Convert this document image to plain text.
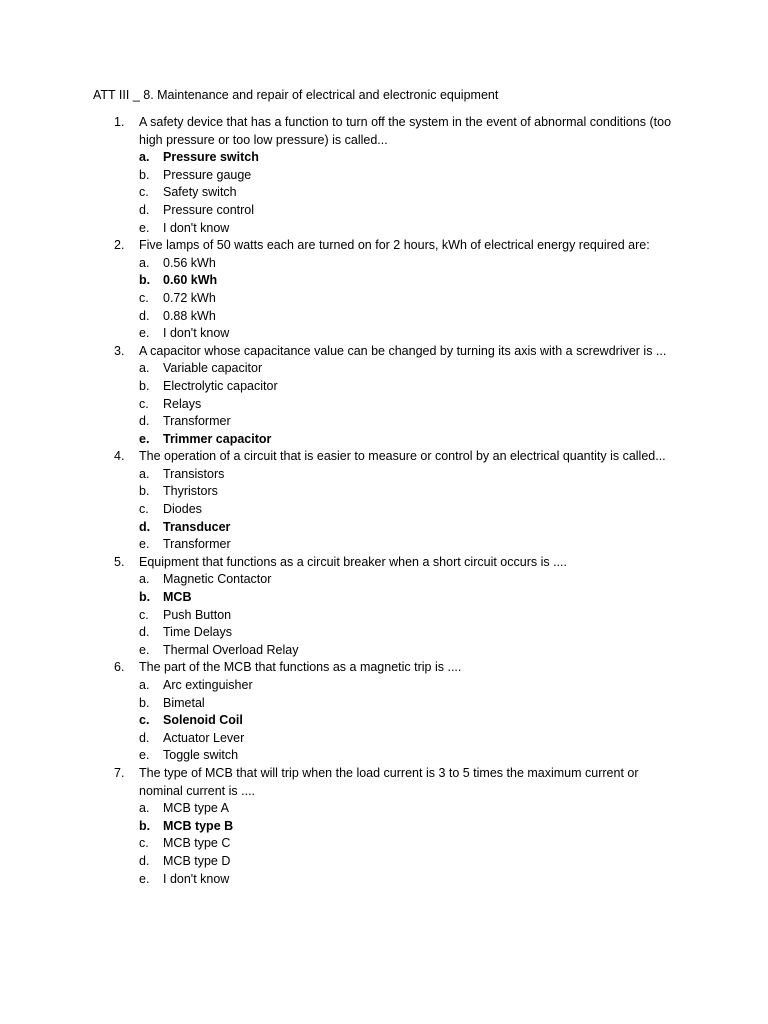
ATT III _ 8. Maintenance and repair of electrical and electronic equipment
1.	A safety device that has a function to turn off the system in the event of abnormal conditions (too high pressure or too low pressure) is called...
a. Pressure switch
b. Pressure gauge
c. Safety switch
d. Pressure control
e. I don't know
2.	Five lamps of 50 watts each are turned on for 2 hours, kWh of electrical energy required are:
a. 0.56 kWh
b. 0.60 kWh
c. 0.72 kWh
d. 0.88 kWh
e. I don't know
3.	A capacitor whose capacitance value can be changed by turning its axis with a screwdriver is ...
a. Variable capacitor
b. Electrolytic capacitor
c. Relays
d. Transformer
e. Trimmer capacitor
4.	The operation of a circuit that is easier to measure or control by an electrical quantity is called...
a. Transistors
b. Thyristors
c. Diodes
d. Transducer
e. Transformer
5.	Equipment that functions as a circuit breaker when a short circuit occurs is ....
a. Magnetic Contactor
b. MCB
c. Push Button
d. Time Delays
e. Thermal Overload Relay
6.	The part of the MCB that functions as a magnetic trip is ....
a. Arc extinguisher
b. Bimetal
c. Solenoid Coil
d. Actuator Lever
e. Toggle switch
7.	The type of MCB that will trip when the load current is 3 to 5 times the maximum current or nominal current is ....
a. MCB type A
b. MCB type B
c. MCB type C
d. MCB type D
e. I don't know
